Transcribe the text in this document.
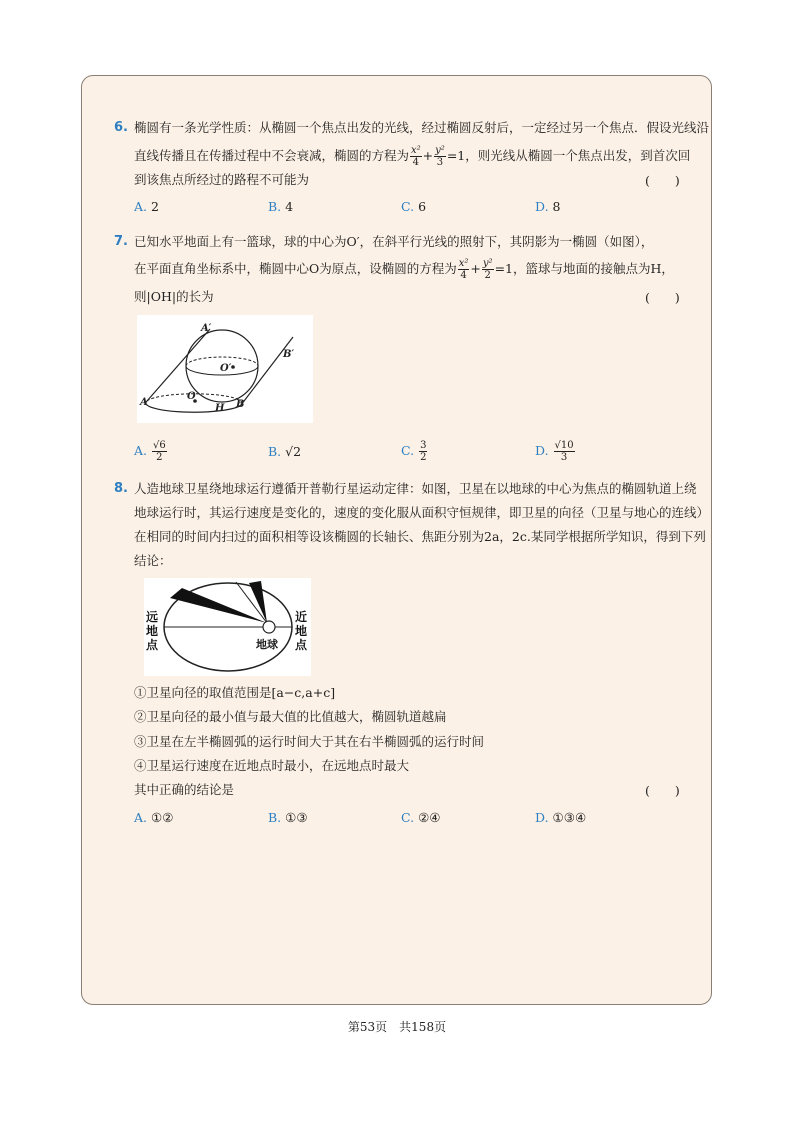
6. 椭圆有一条光学性质：从椭圆一个焦点出发的光线，经过椭圆反射后，一定经过另一个焦点．假设光线沿
直线传播且在传播过程中不会衰减，椭圆的方程为 $\frac{\text{x²}}{4} + \frac{\text{y²}}{3} =1$，则光线从椭圆一个焦点出发，到首次回
到该焦点所经过的路程不可能为	(　　)
A. 2	B. 4	C. 6	D. 8
7. 已知水平地面上有一篮球，球的中心为O′，在斜平行光线的照射下，其阴影为一椭圆（如图），
在平面直角坐标系中，椭圆中心O为原点，设椭圆的方程为 $\frac{\text{x²}}{4} + \frac{\text{y²}}{2} =1$，篮球与地面的接触点为H，
则|OH|的长为	(　　)
A′
B′
O′
O
A
H B
A. $\frac{√6}{2}$	B. √2	C. $\frac{3}{2}$	D. $\frac{√10}{3}$
8. 人造地球卫星绕地球运行遵循开普勒行星运动定律：如图，卫星在以地球的中心为焦点的椭圆轨道上绕
地球运行时，其运行速度是变化的，速度的变化服从面积守恒规律，即卫星的向径（卫星与地心的连线）
在相同的时间内扫过的面积相等设该椭圆的长轴长、焦距分别为2a，2c.某同学根据所学知识，得到下列
结论：
远
地
点
近
地
点
地球
①卫星向径的取值范围是[a−c,a+c]
②卫星向径的最小值与最大值的比值越大，椭圆轨道越扁
③卫星在左半椭圆弧的运行时间大于其在右半椭圆弧的运行时间
④卫星运行速度在近地点时最小，在远地点时最大
其中正确的结论是	(　　)
A. ①②	B. ①③	C. ②④	D. ①③④
第53页　共158页
